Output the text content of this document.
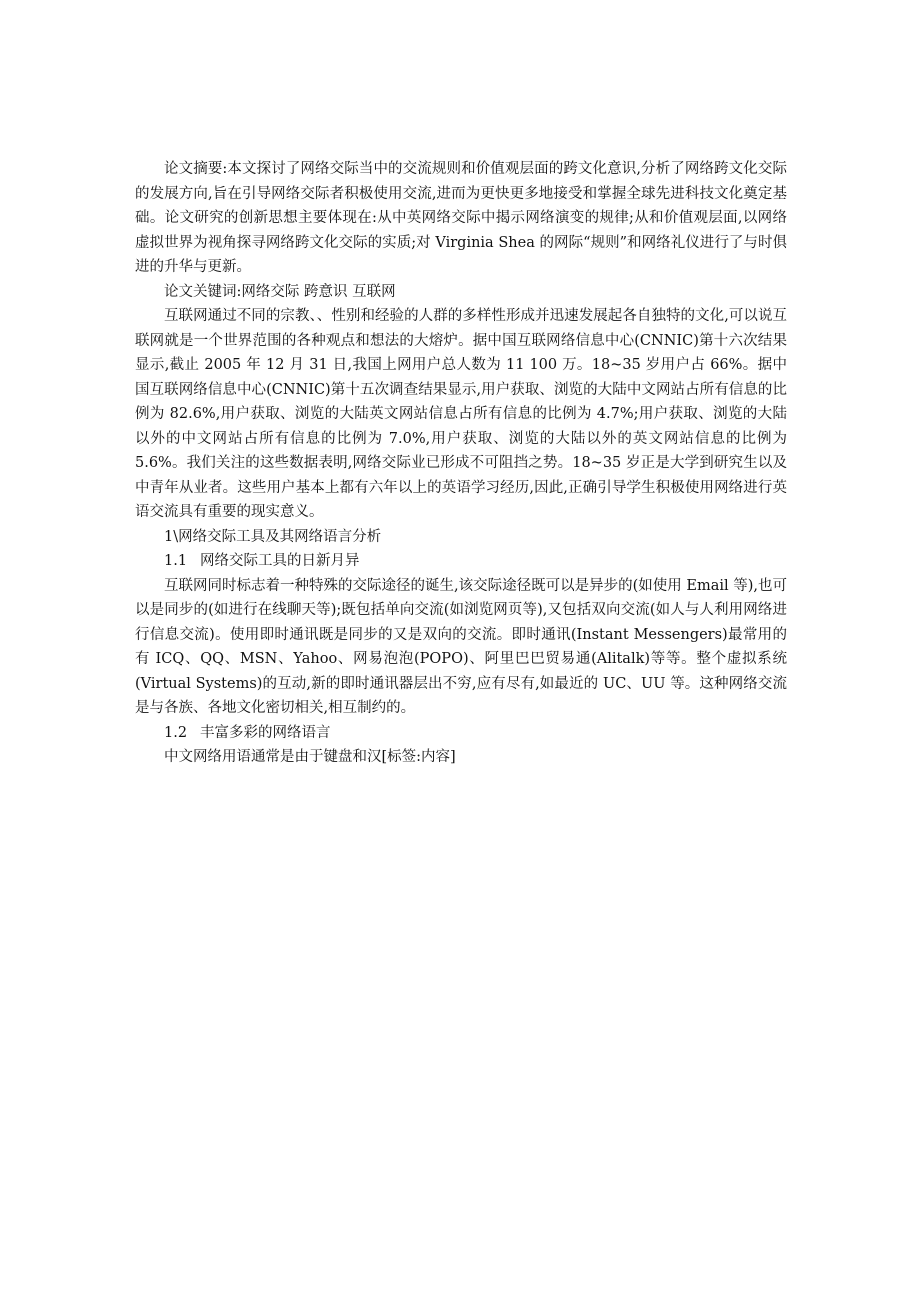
论文摘要:本文探讨了网络交际当中的交流规则和价值观层面的跨文化意识,分析了网络跨文化交际的发展方向,旨在引导网络交际者积极使用交流,进而为更快更多地接受和掌握全球先进科技文化奠定基础。论文研究的创新思想主要体现在:从中英网络交际中揭示网络演变的规律;从和价值观层面,以网络虚拟世界为视角探寻网络跨文化交际的实质;对 Virginia Shea 的网际“规则”和网络礼仪进行了与时俱进的升华与更新。

论文关键词:网络交际 跨意识 互联网

互联网通过不同的宗教、、性别和经验的人群的多样性形成并迅速发展起各自独特的文化,可以说互联网就是一个世界范围的各种观点和想法的大熔炉。据中国互联网络信息中心(CNNIC)第十六次结果显示,截止 2005 年 12 月 31 日,我国上网用户总人数为 11 100 万。18~35 岁用户占 66%。据中国互联网络信息中心(CNNIC)第十五次调查结果显示,用户获取、浏览的大陆中文网站占所有信息的比例为 82.6%,用户获取、浏览的大陆英文网站信息占所有信息的比例为 4.7%;用户获取、浏览的大陆以外的中文网站占所有信息的比例为 7.0%,用户获取、浏览的大陆以外的英文网站信息的比例为 5.6%。我们关注的这些数据表明,网络交际业已形成不可阻挡之势。18~35 岁正是大学到研究生以及中青年从业者。这些用户基本上都有六年以上的英语学习经历,因此,正确引导学生积极使用网络进行英语交流具有重要的现实意义。

1\网络交际工具及其网络语言分析

1.1 网络交际工具的日新月异

互联网同时标志着一种特殊的交际途径的诞生,该交际途径既可以是异步的(如使用 Email 等),也可以是同步的(如进行在线聊天等);既包括单向交流(如浏览网页等),又包括双向交流(如人与人利用网络进行信息交流)。使用即时通讯既是同步的又是双向的交流。即时通讯(Instant Messengers)最常用的有 ICQ、QQ、MSN、Yahoo、网易泡泡(POPO)、阿里巴巴贸易通(Alitalk)等等。整个虚拟系统(Virtual Systems)的互动,新的即时通讯器层出不穷,应有尽有,如最近的 UC、UU 等。这种网络交流是与各族、各地文化密切相关,相互制约的。

1.2 丰富多彩的网络语言

中文网络用语通常是由于键盘和汉[标签:内容]
